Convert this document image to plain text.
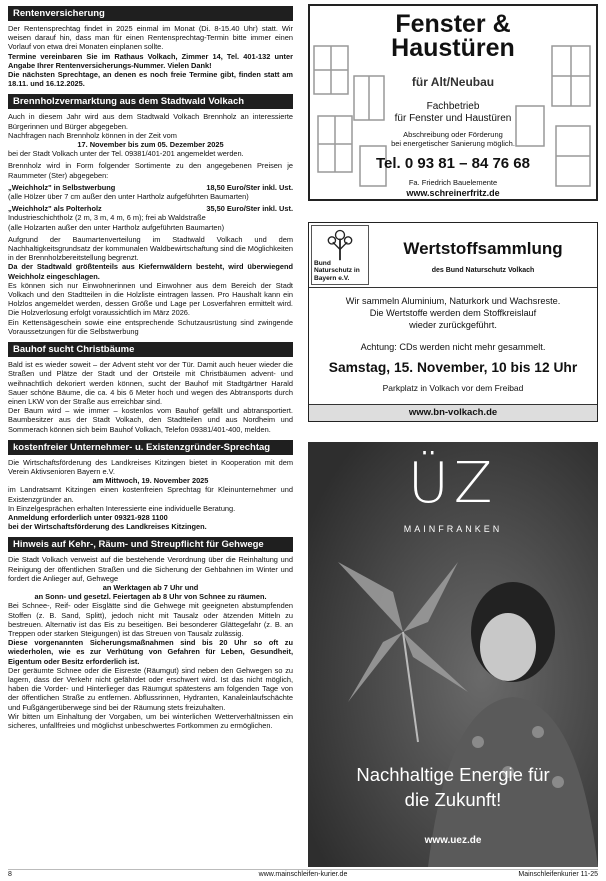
Rentenversicherung

Der Rentensprechtag findet in 2025 einmal im Monat (Di. 8-15.40 Uhr) statt. Wir weisen darauf hin, dass man für einen Rentensprechtag-Termin bitte immer einen Vorlauf von etwa drei Monaten einplanen sollte.

Termine vereinbaren Sie im Rathaus Volkach, Zimmer 14, Tel. 401-132 unter Angabe Ihrer Rentenversicherungs-Nummer. Vielen Dank!

Die nächsten Sprechtage, an denen es noch freie Termine gibt, finden statt am 18.11. und 16.12.2025.

Brennholzvermarktung aus dem Stadtwald Volkach

Auch in diesem Jahr wird aus dem Stadtwald Volkach Brennholz an interessierte Bürgerinnen und Bürger abgegeben.

Nachfragen nach Brennholz können in der Zeit vom

17. November bis zum 05. Dezember 2025

bei der Stadt Volkach unter der Tel. 09381/401-201 angemeldet werden.

Brennholz wird in Form folgender Sortimente zu den angegebenen Preisen je Raummeter (Ster) abgegeben:

„Weichholz" in Selbstwerbung	18,50 Euro/Ster inkl. Ust.

(alle Hölzer über 7 cm außer den unter Hartholz aufgeführten Baumarten)

„Weichholz" als Polterholz	35,50 Euro/Ster inkl. Ust.

Industrieschichtholz (2 m, 3 m, 4 m, 6 m); frei ab Waldstraße

(alle Holzarten außer den unter Hartholz aufgeführten Baumarten)

Aufgrund der Baumartenverteilung im Stadtwald Volkach und dem Nachhaltigkeitsgrundsatz der kommunalen Waldbewirtschaftung sind die Möglichkeiten in der Brennholzbereitstellung begrenzt.

Da der Stadtwald größtenteils aus Kiefernwäldern besteht, wird überwiegend Weichholz eingeschlagen.

Es können sich nur Einwohnerinnen und Einwohner aus dem Bereich der Stadt Volkach und den Stadtteilen in die Holzliste eintragen lassen. Pro Haushalt kann ein Holzlos angemeldet werden, dessen Größe und Lage per Losverfahren ermittelt wird. Die Holzverlosung erfolgt voraussichtlich im März 2026.

Ein Kettensägeschein sowie eine entsprechende Schutzausrüstung sind zwingende Voraussetzungen für die Selbstwerbung

Bauhof sucht Christbäume

Bald ist es wieder soweit – der Advent steht vor der Tür. Damit auch heuer wieder die Straßen und Plätze der Stadt und der Ortsteile mit Christbäumen advent- und weihnachtlich dekoriert werden können, sucht der Bauhof mit Stadtgärtner Harald Sauer schöne Bäume, die ca. 4 bis 6 Meter hoch und wegen des Abtransports durch einen LKW von der Straße aus erreichbar sind.

Der Baum wird – wie immer – kostenlos vom Bauhof gefällt und abtransportiert. Baumbesitzer aus der Stadt Volkach, den Stadtteilen und aus Nordheim und Sommerach können sich beim Bauhof Volkach, Telefon 09381/401-400, melden.

kostenfreier Unternehmer- u. Existenzgründer-Sprechtag

Die Wirtschaftsförderung des Landkreises Kitzingen bietet in Kooperation mit dem Verein Aktivsenioren Bayern e.V.

am Mittwoch, 19. November 2025

im Landratsamt Kitzingen einen kostenfreien Sprechtag für Kleinunternehmer und Existenzgründer an.

In Einzelgesprächen erhalten Interessierte eine individuelle Beratung.

Anmeldung erforderlich unter 09321-928 1100

bei der Wirtschaftsförderung des Landkreises Kitzingen.

Hinweis auf Kehr-, Räum- und Streupflicht für Gehwege

Die Stadt Volkach verweist auf die bestehende Verordnung über die Reinhaltung und Reinigung der öffentlichen Straßen und die Sicherung der Gehbahnen im Winter und fordert die Anlieger auf, Gehwege

an Werktagen ab 7 Uhr und

an Sonn- und gesetzl. Feiertagen ab 8 Uhr von Schnee zu räumen.

Bei Schnee-, Reif- oder Eisglätte sind die Gehwege mit geeigneten abstumpfenden Stoffen (z. B. Sand, Splitt), jedoch nicht mit Tausalz oder ätzenden Mitteln zu bestreuen. Alternativ ist das Eis zu beseitigen. Bei besonderer Glättegefahr (z. B. an Treppen oder starken Steigungen) ist das Streuen von Tausalz zulässig.

Diese vorgenannten Sicherungsmaßnahmen sind bis 20 Uhr so oft zu wiederholen, wie es zur Verhütung von Gefahren für Leben, Gesundheit, Eigentum oder Besitz erforderlich ist.

Der geräumte Schnee oder die Eisreste (Räumgut) sind neben den Gehwegen so zu lagern, dass der Verkehr nicht gefährdet oder erschwert wird. Ist das nicht möglich, haben die Vorder- und Hinterlieger das Räumgut spätestens am folgenden Tage von der öffentlichen Straße zu entfernen. Abflussrinnen, Hydranten, Kanaleinlaufschächte und Fußgängerüberwege sind bei der Räumung stets freizuhalten.

Wir bitten um Einhaltung der Vorgaben, um bei winterlichen Wetterverhältnissen ein sicheres, unfallfreies und möglichst unbeschwertes Fortkommen zu ermöglichen.

Fenster &
Haustüren
für Alt/Neubau
Fachbetrieb
für Fenster und Haustüren
Abschreibung oder Förderung
bei energetischer Sanierung möglich.
Tel. 0 93 81 – 84 76 68
Fa. Friedrich Bauelemente
www.schreinerfritz.de
Bund Naturschutz in Bayern e.V.
Wertstoffsammlung
des Bund Naturschutz Volkach
Wir sammeln Aluminium, Naturkork und Wachsreste.
Die Wertstoffe werden dem Stoffkreislauf
wieder zurückgeführt.
Achtung: CDs werden nicht mehr gesammelt.
Samstag, 15. November, 10 bis 12 Uhr
Parkplatz in Volkach vor dem Freibad
www.bn-volkach.de
ÜZ
MAINFRANKEN
Nachhaltige Energie für
die Zukunft!
www.uez.de
8	www.mainschleifen-kurier.de	Mainschleifenkurier 11-25
